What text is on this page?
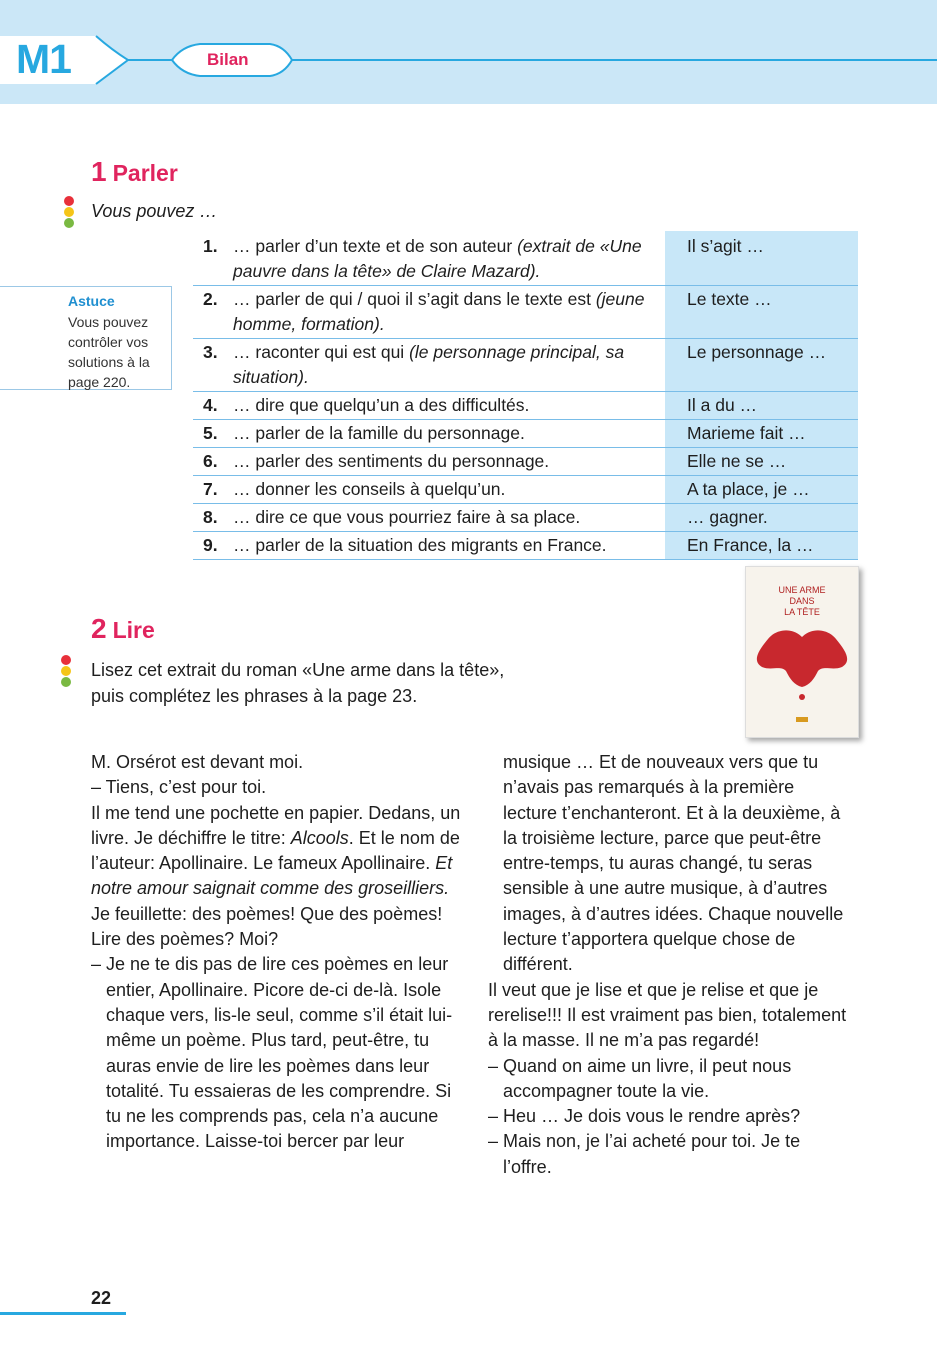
M1	Bilan
1 Parler
Vous pouvez …
Astuce
Vous pouvez contrôler vos solutions à la page 220.
1.	… parler d’un texte et de son auteur (extrait de «Une pauvre dans la tête» de Claire Mazard).	Il s’agit …
2.	… parler de qui / quoi il s’agit dans le texte est (jeune homme, formation).	Le texte …
3.	… raconter qui est qui (le personnage principal, sa situation).	Le personnage …
4.	… dire que quelqu’un a des difficultés.	Il a du …
5.	… parler de la famille du personnage.	Marieme fait …
6.	… parler des sentiments du personnage.	Elle ne se …
7.	… donner les conseils à quelqu’un.	A ta place, je …
8.	… dire ce que vous pourriez faire à sa place.	… gagner.
9.	… parler de la situation des migrants en France.	En France, la …
2 Lire
Lisez cet extrait du roman «Une arme dans la tête»,
puis complétez les phrases à la page 23.
UNE ARME
DANS
LA TÊTE

M. Orsérot est devant moi.

– Tiens, c’est pour toi.

Il me tend une pochette en papier. Dedans, un livre. Je déchiffre le titre: Alcools. Et le nom de l’auteur: Apollinaire. Le fameux Apollinaire. Et notre amour saignait comme des groseilliers.

Je feuillette: des poèmes! Que des poèmes! Lire des poèmes? Moi?

– Je ne te dis pas de lire ces poèmes en leur entier, Apollinaire. Picore de-ci de-là. Isole chaque vers, lis-le seul, comme s’il était lui-même un poème. Plus tard, peut-être, tu auras envie de lire les poèmes dans leur totalité. Tu essaieras de les comprendre. Si tu ne les comprends pas, cela n’a aucune importance. Laisse-toi bercer par leur

musique … Et de nouveaux vers que tu n’avais pas remarqués à la première lecture t’enchanteront. Et à la deuxième, à la troisième lecture, parce que peut-être entre-temps, tu auras changé, tu seras sensible à une autre musique, à d’autres images, à d’autres idées. Chaque nouvelle lecture t’apportera quelque chose de différent.

Il veut que je lise et que je relise et que je rerelise!!! Il est vraiment pas bien, totalement à la masse. Il ne m’a pas regardé!

– Quand on aime un livre, il peut nous accompagner toute la vie.

– Heu … Je dois vous le rendre après?

– Mais non, je l’ai acheté pour toi. Je te l’offre.

22
